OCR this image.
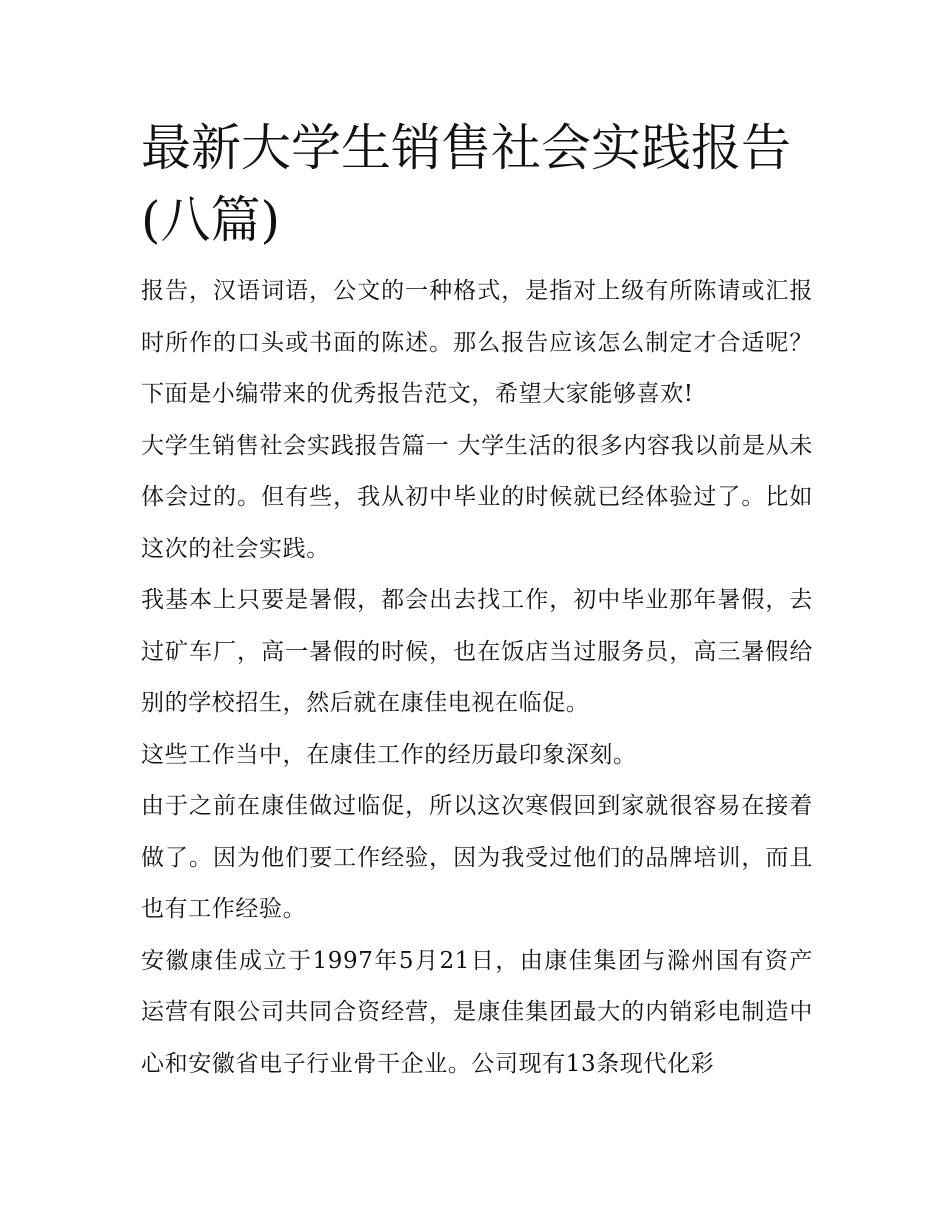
最新大学生销售社会实践报告
(八篇)

报告，汉语词语，公文的一种格式，是指对上级有所陈请或汇报时所作的口头或书面的陈述。那么报告应该怎么制定才合适呢？下面是小编带来的优秀报告范文，希望大家能够喜欢!

大学生销售社会实践报告篇一 大学生活的很多内容我以前是从未体会过的。但有些，我从初中毕业的时候就已经体验过了。比如这次的社会实践。

我基本上只要是暑假，都会出去找工作，初中毕业那年暑假，去过矿车厂，高一暑假的时候，也在饭店当过服务员，高三暑假给别的学校招生，然后就在康佳电视在临促。

这些工作当中，在康佳工作的经历最印象深刻。

由于之前在康佳做过临促，所以这次寒假回到家就很容易在接着做了。因为他们要工作经验，因为我受过他们的品牌培训，而且也有工作经验。

安徽康佳成立于1997年5月21日，由康佳集团与滁州国有资产运营有限公司共同合资经营，是康佳集团最大的内销彩电制造中心和安徽省电子行业骨干企业。公司现有13条现代化彩
